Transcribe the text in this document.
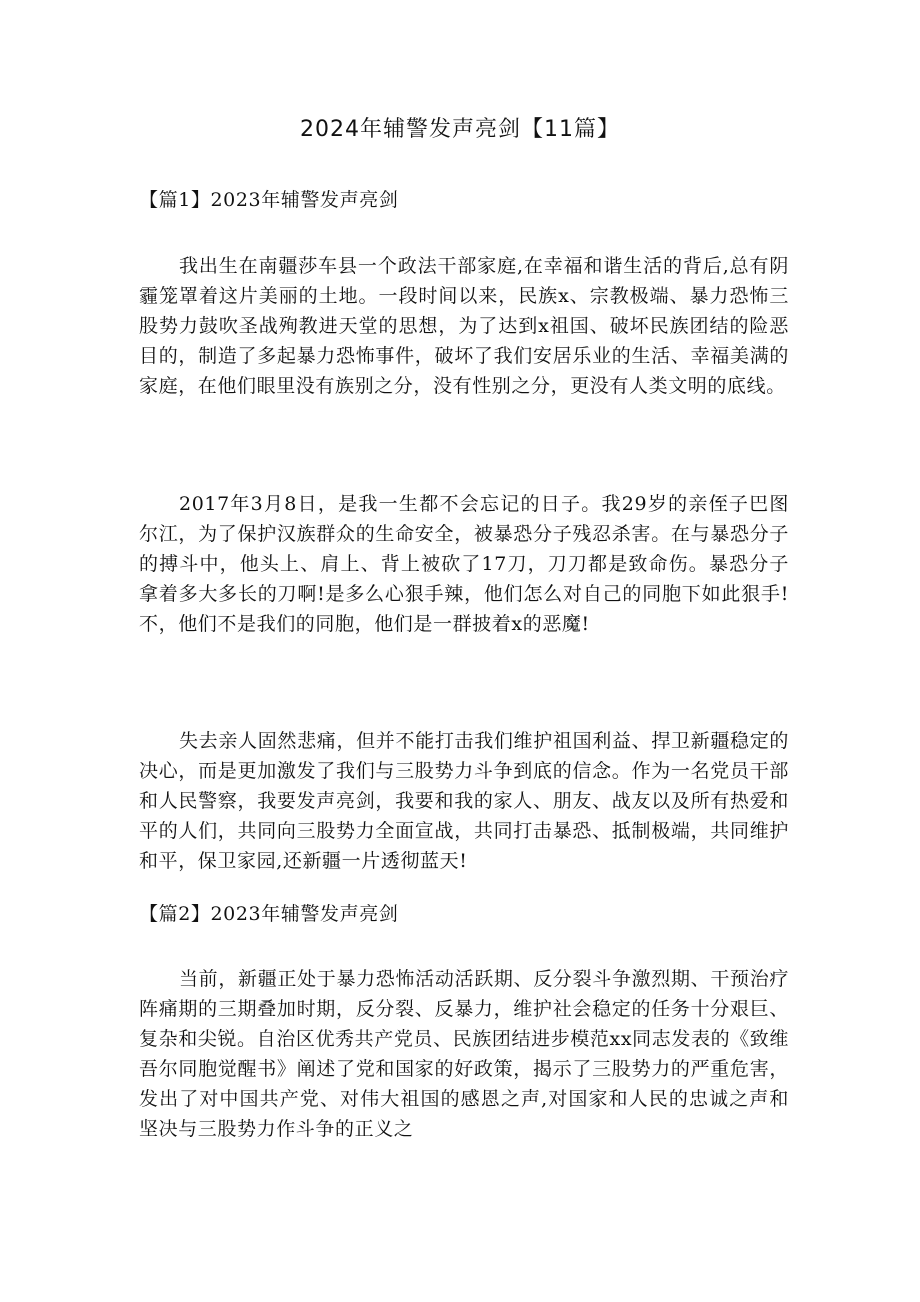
2024年辅警发声亮剑【11篇】
【篇1】2023年辅警发声亮剑
我出生在南疆莎车县一个政法干部家庭,在幸福和谐生活的背后,总有阴霾笼罩着这片美丽的土地。一段时间以来，民族x、宗教极端、暴力恐怖三股势力鼓吹圣战殉教进天堂的思想，为了达到x祖国、破坏民族团结的险恶目的，制造了多起暴力恐怖事件，破坏了我们安居乐业的生活、幸福美满的家庭，在他们眼里没有族别之分，没有性别之分，更没有人类文明的底线。
2017年3月8日，是我一生都不会忘记的日子。我29岁的亲侄子巴图尔江，为了保护汉族群众的生命安全，被暴恐分子残忍杀害。在与暴恐分子的搏斗中，他头上、肩上、背上被砍了17刀，刀刀都是致命伤。暴恐分子拿着多大多长的刀啊!是多么心狠手辣，他们怎么对自己的同胞下如此狠手!不，他们不是我们的同胞，他们是一群披着x的恶魔!
失去亲人固然悲痛，但并不能打击我们维护祖国利益、捍卫新疆稳定的决心，而是更加激发了我们与三股势力斗争到底的信念。作为一名党员干部和人民警察，我要发声亮剑，我要和我的家人、朋友、战友以及所有热爱和平的人们，共同向三股势力全面宣战，共同打击暴恐、抵制极端，共同维护和平，保卫家园,还新疆一片透彻蓝天!
【篇2】2023年辅警发声亮剑
当前，新疆正处于暴力恐怖活动活跃期、反分裂斗争激烈期、干预治疗阵痛期的三期叠加时期，反分裂、反暴力，维护社会稳定的任务十分艰巨、复杂和尖锐。自治区优秀共产党员、民族团结进步模范xx同志发表的《致维吾尔同胞觉醒书》阐述了党和国家的好政策，揭示了三股势力的严重危害，发出了对中国共产党、对伟大祖国的感恩之声,对国家和人民的忠诚之声和坚决与三股势力作斗争的正义之
